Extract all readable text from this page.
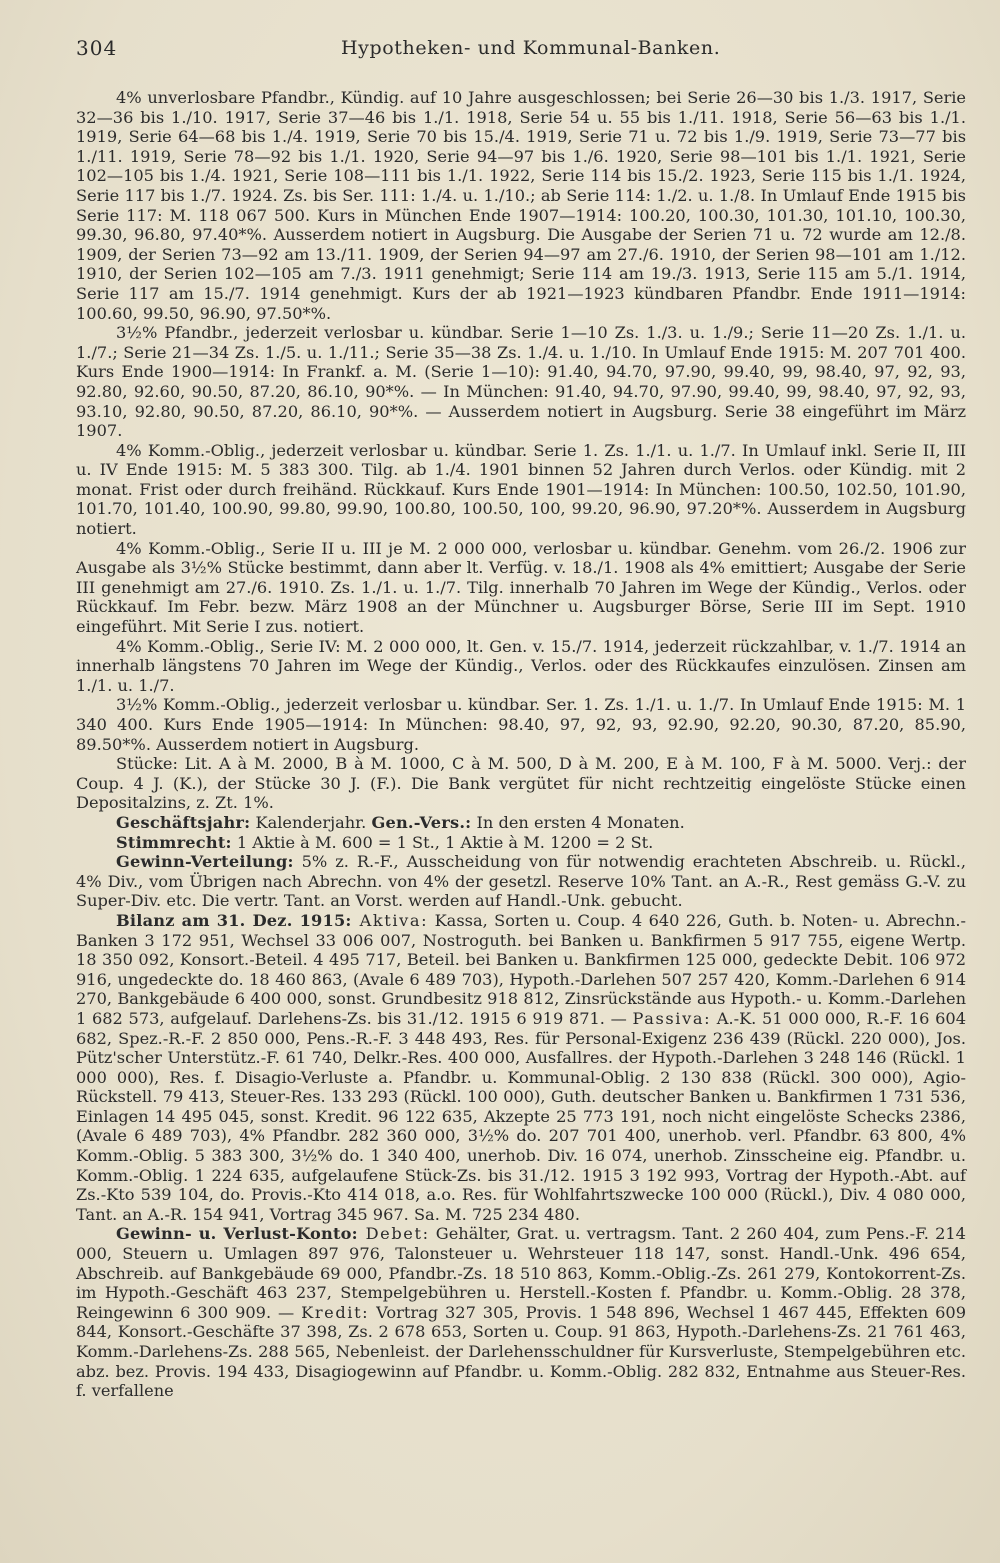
304	Hypotheken- und Kommunal-Banken.

4% unverlosbare Pfandbr., Kündig. auf 10 Jahre ausgeschlossen; bei Serie 26—30 bis 1./3. 1917, Serie 32—36 bis 1./10. 1917, Serie 37—46 bis 1./1. 1918, Serie 54 u. 55 bis 1./11. 1918, Serie 56—63 bis 1./1. 1919, Serie 64—68 bis 1./4. 1919, Serie 70 bis 15./4. 1919, Serie 71 u. 72 bis 1./9. 1919, Serie 73—77 bis 1./11. 1919, Serie 78—92 bis 1./1. 1920, Serie 94—97 bis 1./6. 1920, Serie 98—101 bis 1./1. 1921, Serie 102—105 bis 1./4. 1921, Serie 108—111 bis 1./1. 1922, Serie 114 bis 15./2. 1923, Serie 115 bis 1./1. 1924, Serie 117 bis 1./7. 1924. Zs. bis Ser. 111: 1./4. u. 1./10.; ab Serie 114: 1./2. u. 1./8. In Umlauf Ende 1915 bis Serie 117: M. 118 067 500. Kurs in München Ende 1907—1914: 100.20, 100.30, 101.30, 101.10, 100.30, 99.30, 96.80, 97.40*%. Ausserdem notiert in Augsburg. Die Ausgabe der Serien 71 u. 72 wurde am 12./8. 1909, der Serien 73—92 am 13./11. 1909, der Serien 94—97 am 27./6. 1910, der Serien 98—101 am 1./12. 1910, der Serien 102—105 am 7./3. 1911 genehmigt; Serie 114 am 19./3. 1913, Serie 115 am 5./1. 1914, Serie 117 am 15./7. 1914 genehmigt. Kurs der ab 1921—1923 kündbaren Pfandbr. Ende 1911—1914: 100.60, 99.50, 96.90, 97.50*%.

3½% Pfandbr., jederzeit verlosbar u. kündbar. Serie 1—10 Zs. 1./3. u. 1./9.; Serie 11—20 Zs. 1./1. u. 1./7.; Serie 21—34 Zs. 1./5. u. 1./11.; Serie 35—38 Zs. 1./4. u. 1./10. In Umlauf Ende 1915: M. 207 701 400. Kurs Ende 1900—1914: In Frankf. a. M. (Serie 1—10): 91.40, 94.70, 97.90, 99.40, 99, 98.40, 97, 92, 93, 92.80, 92.60, 90.50, 87.20, 86.10, 90*%. — In München: 91.40, 94.70, 97.90, 99.40, 99, 98.40, 97, 92, 93, 93.10, 92.80, 90.50, 87.20, 86.10, 90*%. — Ausserdem notiert in Augsburg. Serie 38 eingeführt im März 1907.

4% Komm.-Oblig., jederzeit verlosbar u. kündbar. Serie 1. Zs. 1./1. u. 1./7. In Umlauf inkl. Serie II, III u. IV Ende 1915: M. 5 383 300. Tilg. ab 1./4. 1901 binnen 52 Jahren durch Verlos. oder Kündig. mit 2 monat. Frist oder durch freihänd. Rückkauf. Kurs Ende 1901—1914: In München: 100.50, 102.50, 101.90, 101.70, 101.40, 100.90, 99.80, 99.90, 100.80, 100.50, 100, 99.20, 96.90, 97.20*%. Ausserdem in Augsburg notiert.

4% Komm.-Oblig., Serie II u. III je M. 2 000 000, verlosbar u. kündbar. Genehm. vom 26./2. 1906 zur Ausgabe als 3½% Stücke bestimmt, dann aber lt. Verfüg. v. 18./1. 1908 als 4% emittiert; Ausgabe der Serie III genehmigt am 27./6. 1910. Zs. 1./1. u. 1./7. Tilg. innerhalb 70 Jahren im Wege der Kündig., Verlos. oder Rückkauf. Im Febr. bezw. März 1908 an der Münchner u. Augsburger Börse, Serie III im Sept. 1910 eingeführt. Mit Serie I zus. notiert.

4% Komm.-Oblig., Serie IV: M. 2 000 000, lt. Gen. v. 15./7. 1914, jederzeit rückzahlbar, v. 1./7. 1914 an innerhalb längstens 70 Jahren im Wege der Kündig., Verlos. oder des Rückkaufes einzulösen. Zinsen am 1./1. u. 1./7.

3½% Komm.-Oblig., jederzeit verlosbar u. kündbar. Ser. 1. Zs. 1./1. u. 1./7. In Umlauf Ende 1915: M. 1 340 400. Kurs Ende 1905—1914: In München: 98.40, 97, 92, 93, 92.90, 92.20, 90.30, 87.20, 85.90, 89.50*%. Ausserdem notiert in Augsburg.

Stücke: Lit. A à M. 2000, B à M. 1000, C à M. 500, D à M. 200, E à M. 100, F à M. 5000. Verj.: der Coup. 4 J. (K.), der Stücke 30 J. (F.). Die Bank vergütet für nicht rechtzeitig eingelöste Stücke einen Depositalzins, z. Zt. 1%.

Geschäftsjahr: Kalenderjahr. Gen.-Vers.: In den ersten 4 Monaten.

Stimmrecht: 1 Aktie à M. 600 = 1 St., 1 Aktie à M. 1200 = 2 St.

Gewinn-Verteilung: 5% z. R.-F., Ausscheidung von für notwendig erachteten Abschreib. u. Rückl., 4% Div., vom Übrigen nach Abrechn. von 4% der gesetzl. Reserve 10% Tant. an A.-R., Rest gemäss G.-V. zu Super-Div. etc. Die vertr. Tant. an Vorst. werden auf Handl.-Unk. gebucht.

Bilanz am 31. Dez. 1915: Aktiva: Kassa, Sorten u. Coup. 4 640 226, Guth. b. Noten- u. Abrechn.-Banken 3 172 951, Wechsel 33 006 007, Nostroguth. bei Banken u. Bankfirmen 5 917 755, eigene Wertp. 18 350 092, Konsort.-Beteil. 4 495 717, Beteil. bei Banken u. Bankfirmen 125 000, gedeckte Debit. 106 972 916, ungedeckte do. 18 460 863, (Avale 6 489 703), Hypoth.-Darlehen 507 257 420, Komm.-Darlehen 6 914 270, Bankgebäude 6 400 000, sonst. Grundbesitz 918 812, Zinsrückstände aus Hypoth.- u. Komm.-Darlehen 1 682 573, aufgelauf. Darlehens-Zs. bis 31./12. 1915 6 919 871. — Passiva: A.-K. 51 000 000, R.-F. 16 604 682, Spez.-R.-F. 2 850 000, Pens.-R.-F. 3 448 493, Res. für Personal-Exigenz 236 439 (Rückl. 220 000), Jos. Pütz'scher Unterstütz.-F. 61 740, Delkr.-Res. 400 000, Ausfallres. der Hypoth.-Darlehen 3 248 146 (Rückl. 1 000 000), Res. f. Disagio-Verluste a. Pfandbr. u. Kommunal-Oblig. 2 130 838 (Rückl. 300 000), Agio-Rückstell. 79 413, Steuer-Res. 133 293 (Rückl. 100 000), Guth. deutscher Banken u. Bankfirmen 1 731 536, Einlagen 14 495 045, sonst. Kredit. 96 122 635, Akzepte 25 773 191, noch nicht eingelöste Schecks 2386, (Avale 6 489 703), 4% Pfandbr. 282 360 000, 3½% do. 207 701 400, unerhob. verl. Pfandbr. 63 800, 4% Komm.-Oblig. 5 383 300, 3½% do. 1 340 400, unerhob. Div. 16 074, unerhob. Zinsscheine eig. Pfandbr. u. Komm.-Oblig. 1 224 635, aufgelaufene Stück-Zs. bis 31./12. 1915 3 192 993, Vortrag der Hypoth.-Abt. auf Zs.-Kto 539 104, do. Provis.-Kto 414 018, a.o. Res. für Wohlfahrtszwecke 100 000 (Rückl.), Div. 4 080 000, Tant. an A.-R. 154 941, Vortrag 345 967. Sa. M. 725 234 480.

Gewinn- u. Verlust-Konto: Debet: Gehälter, Grat. u. vertragsm. Tant. 2 260 404, zum Pens.-F. 214 000, Steuern u. Umlagen 897 976, Talonsteuer u. Wehrsteuer 118 147, sonst. Handl.-Unk. 496 654, Abschreib. auf Bankgebäude 69 000, Pfandbr.-Zs. 18 510 863, Komm.-Oblig.-Zs. 261 279, Kontokorrent-Zs. im Hypoth.-Geschäft 463 237, Stempelgebühren u. Herstell.-Kosten f. Pfandbr. u. Komm.-Oblig. 28 378, Reingewinn 6 300 909. — Kredit: Vortrag 327 305, Provis. 1 548 896, Wechsel 1 467 445, Effekten 609 844, Konsort.-Geschäfte 37 398, Zs. 2 678 653, Sorten u. Coup. 91 863, Hypoth.-Darlehens-Zs. 21 761 463, Komm.-Darlehens-Zs. 288 565, Nebenleist. der Darlehensschuldner für Kursverluste, Stempelgebühren etc. abz. bez. Provis. 194 433, Disagiogewinn auf Pfandbr. u. Komm.-Oblig. 282 832, Entnahme aus Steuer-Res. f. verfallene
